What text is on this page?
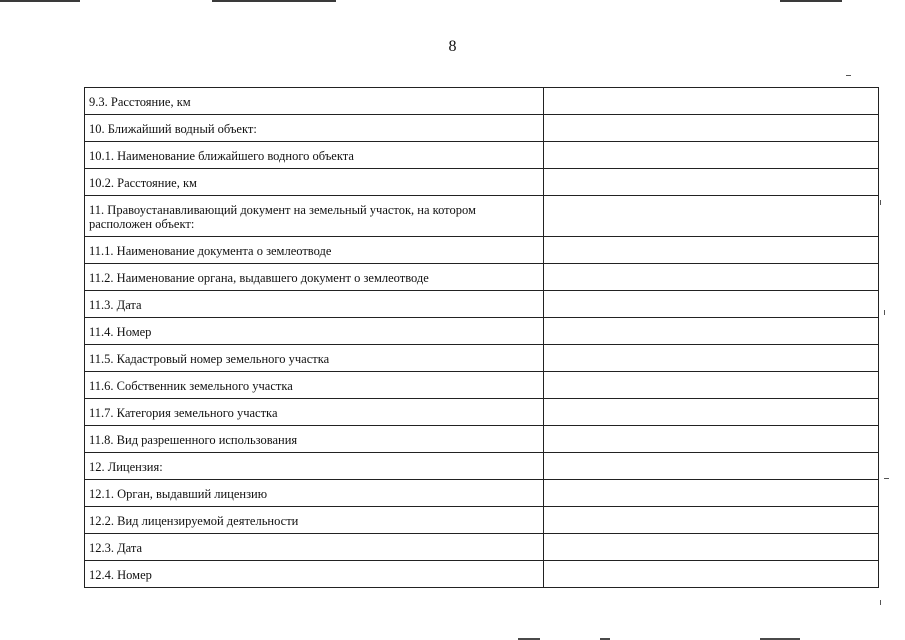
8
9.3. Расстояние, км	
10. Ближайший водный объект:	
10.1. Наименование ближайшего водного объекта	
10.2. Расстояние, км	
11. Правоустанавливающий документ на земельный участок, на котором расположен объект:	
11.1. Наименование документа о землеотводе	
11.2. Наименование органа, выдавшего документ о землеотводе	
11.3. Дата	
11.4. Номер	
11.5. Кадастровый номер земельного участка	
11.6. Собственник земельного участка	
11.7. Категория земельного участка	
11.8. Вид разрешенного использования	
12. Лицензия:	
12.1. Орган, выдавший лицензию	
12.2. Вид лицензируемой деятельности	
12.3. Дата	
12.4. Номер	
